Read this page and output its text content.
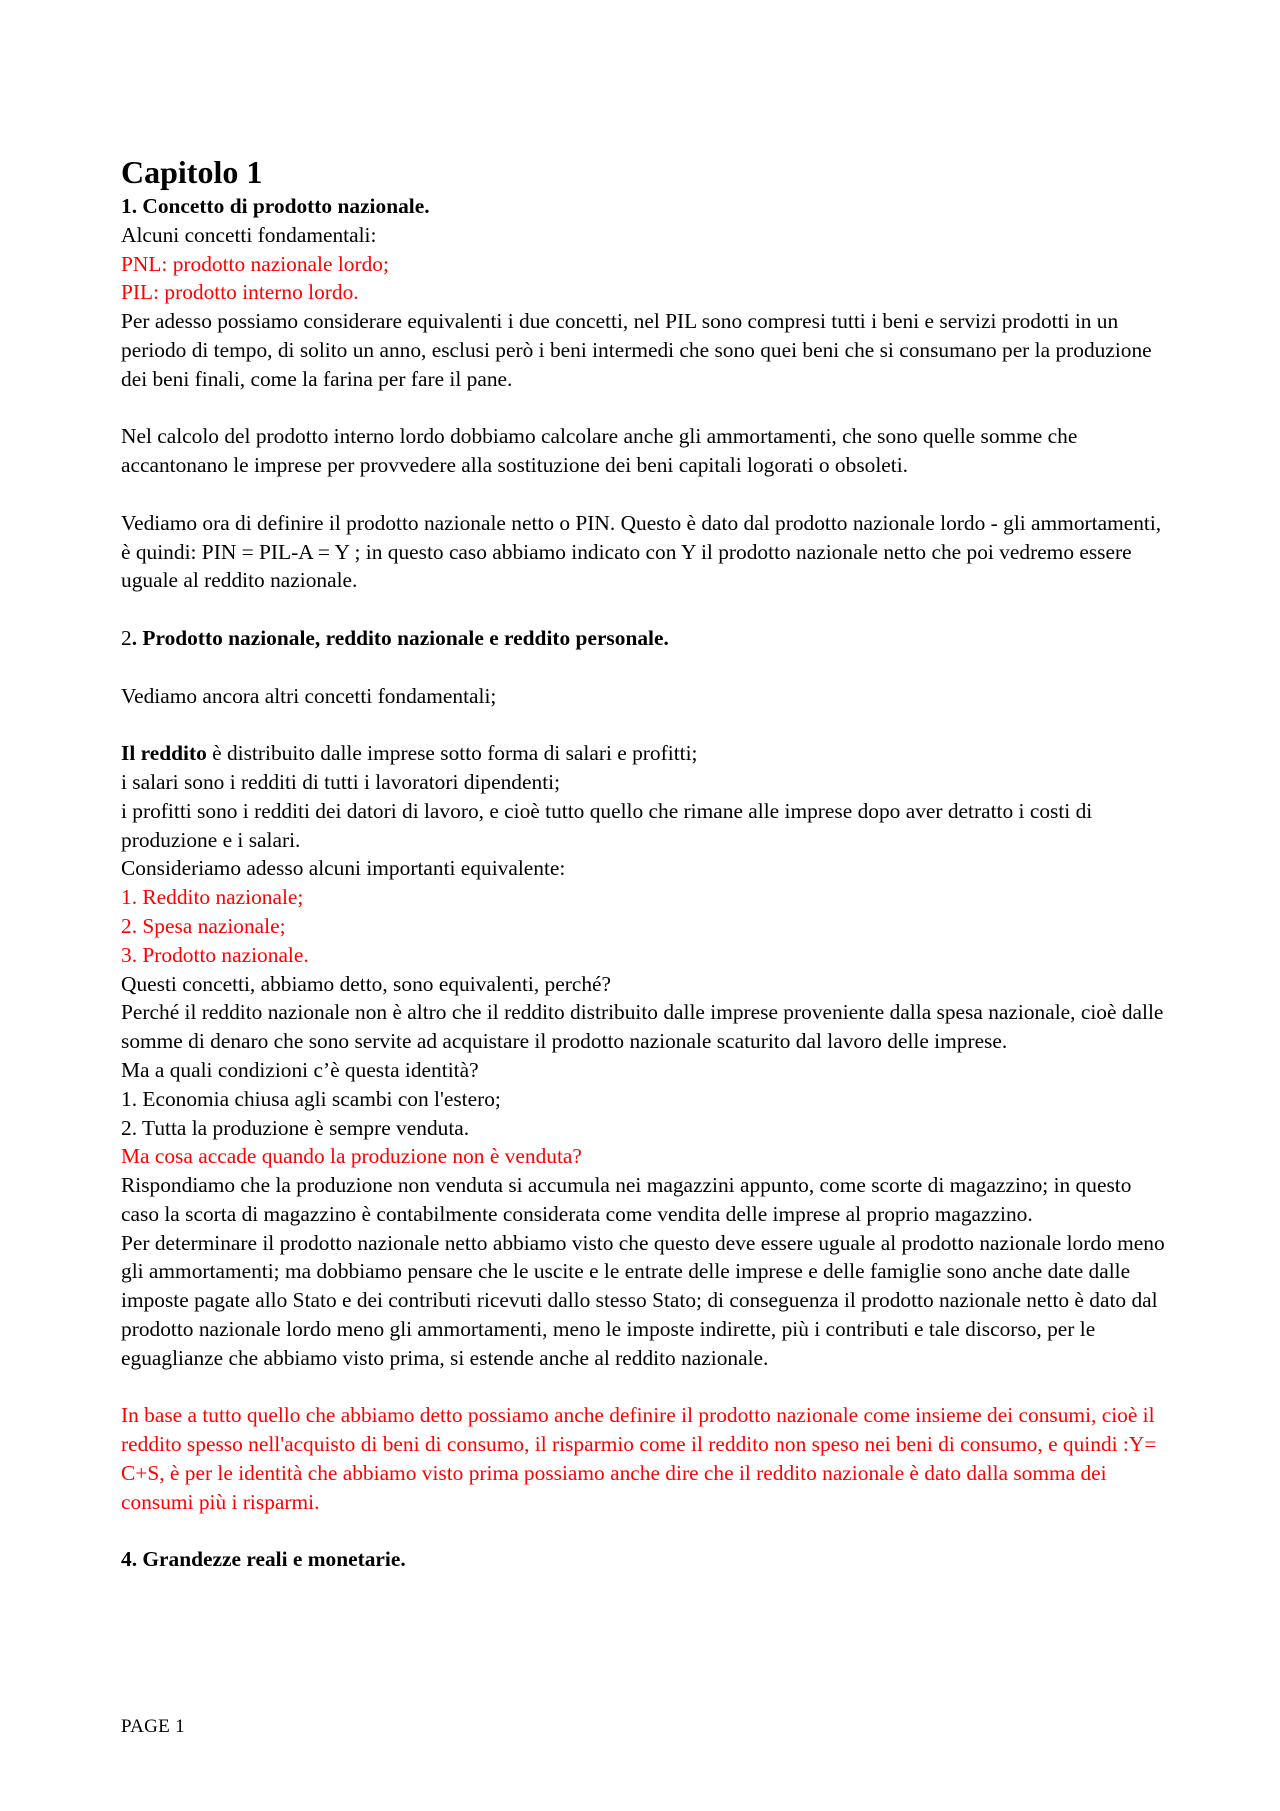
Capitolo 1

1. Concetto di prodotto nazionale.

Alcuni concetti fondamentali:

PNL: prodotto nazionale lordo;

PIL: prodotto interno lordo.

Per adesso possiamo considerare equivalenti i due concetti, nel PIL sono compresi tutti i beni e servizi prodotti in un periodo di tempo, di solito un anno, esclusi però i beni intermedi che sono quei beni che si consumano per la produzione dei beni finali, come la farina per fare il pane.

Nel calcolo del prodotto interno lordo dobbiamo calcolare anche gli ammortamenti, che sono quelle somme che accantonano le imprese per provvedere alla sostituzione dei beni capitali logorati o obsoleti.

Vediamo ora di definire il prodotto nazionale netto o PIN. Questo è dato dal prodotto nazionale lordo - gli ammortamenti, è quindi: PIN = PIL-A = Y ; in questo caso abbiamo indicato con Y il prodotto nazionale netto che poi vedremo essere uguale al reddito nazionale.

2. Prodotto nazionale, reddito nazionale e reddito personale.

Vediamo ancora altri concetti fondamentali;

Il reddito è distribuito dalle imprese sotto forma di salari e profitti;

i salari sono i redditi di tutti i lavoratori dipendenti;

i profitti sono i redditi dei datori di lavoro, e cioè tutto quello che rimane alle imprese dopo aver detratto i costi di produzione e i salari.

Consideriamo adesso alcuni importanti equivalente:

1. Reddito nazionale;

2. Spesa nazionale;

3. Prodotto nazionale.

Questi concetti, abbiamo detto, sono equivalenti, perché?

Perché il reddito nazionale non è altro che il reddito distribuito dalle imprese proveniente dalla spesa nazionale, cioè dalle somme di denaro che sono servite ad acquistare il prodotto nazionale scaturito dal lavoro delle imprese.

Ma a quali condizioni c’è questa identità?

1. Economia chiusa agli scambi con l'estero;

2. Tutta la produzione è sempre venduta.

Ma cosa accade quando la produzione non è venduta?

Rispondiamo che la produzione non venduta si accumula nei magazzini appunto, come scorte di magazzino; in questo caso la scorta di magazzino è contabilmente considerata come vendita delle imprese al proprio magazzino.

Per determinare il prodotto nazionale netto abbiamo visto che questo deve essere uguale al prodotto nazionale lordo meno gli ammortamenti; ma dobbiamo pensare che le uscite e le entrate delle imprese e delle famiglie sono anche date dalle imposte pagate allo Stato e dei contributi ricevuti dallo stesso Stato; di conseguenza il prodotto nazionale netto è dato dal prodotto nazionale lordo meno gli ammortamenti, meno le imposte indirette, più i contributi e tale discorso, per le eguaglianze che abbiamo visto prima, si estende anche al reddito nazionale.

In base a tutto quello che abbiamo detto possiamo anche definire il prodotto nazionale come insieme dei consumi, cioè il reddito spesso nell'acquisto di beni di consumo, il risparmio come il reddito non speso nei beni di consumo, e quindi :Y= C+S, è per le identità che abbiamo visto prima possiamo anche dire che il reddito nazionale è dato dalla somma dei consumi più i risparmi.

4. Grandezze reali e monetarie.

PAGE 1
